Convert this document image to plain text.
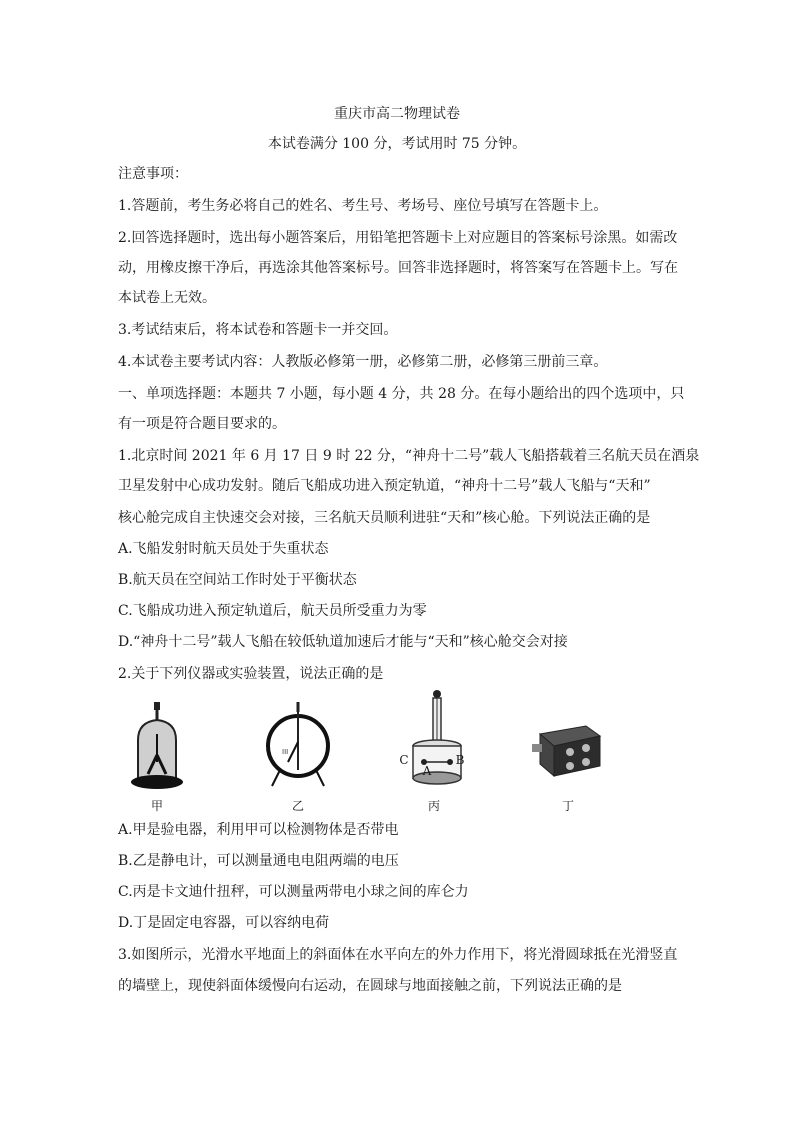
重庆市高二物理试卷
本试卷满分 100 分，考试用时 75 分钟。
注意事项：
1.答题前，考生务必将自己的姓名、考生号、考场号、座位号填写在答题卡上。
2.回答选择题时，选出每小题答案后，用铅笔把答题卡上对应题目的答案标号涂黑。如需改
动，用橡皮擦干净后，再选涂其他答案标号。回答非选择题时，将答案写在答题卡上。写在
本试卷上无效。
3.考试结束后，将本试卷和答题卡一并交回。
4.本试卷主要考试内容：人教版必修第一册，必修第二册，必修第三册前三章。
一、单项选择题：本题共 7 小题，每小题 4 分，共 28 分。在每小题给出的四个选项中，只
有一项是符合题目要求的。
1.北京时间 2021 年 6 月 17 日 9 时 22 分，“神舟十二号”载人飞船搭载着三名航天员在酒泉
卫星发射中心成功发射。随后飞船成功进入预定轨道，“神舟十二号”载人飞船与“天和”
核心舱完成自主快速交会对接，三名航天员顺利进驻“天和”核心舱。下列说法正确的是
A.飞船发射时航天员处于失重状态
B.航天员在空间站工作时处于平衡状态
C.飞船成功进入预定轨道后，航天员所受重力为零
D.“神舟十二号”载人飞船在较低轨道加速后才能与“天和”核心舱交会对接
2.关于下列仪器或实验装置，说法正确的是
甲
III
乙
C	B
A
丙	丁
A.甲是验电器，利用甲可以检测物体是否带电
B.乙是静电计，可以测量通电电阻两端的电压
C.丙是卡文迪什扭秤，可以测量两带电小球之间的库仑力
D.丁是固定电容器，可以容纳电荷
3.如图所示，光滑水平地面上的斜面体在水平向左的外力作用下，将光滑圆球抵在光滑竖直
的墙壁上，现使斜面体缓慢向右运动，在圆球与地面接触之前，下列说法正确的是
